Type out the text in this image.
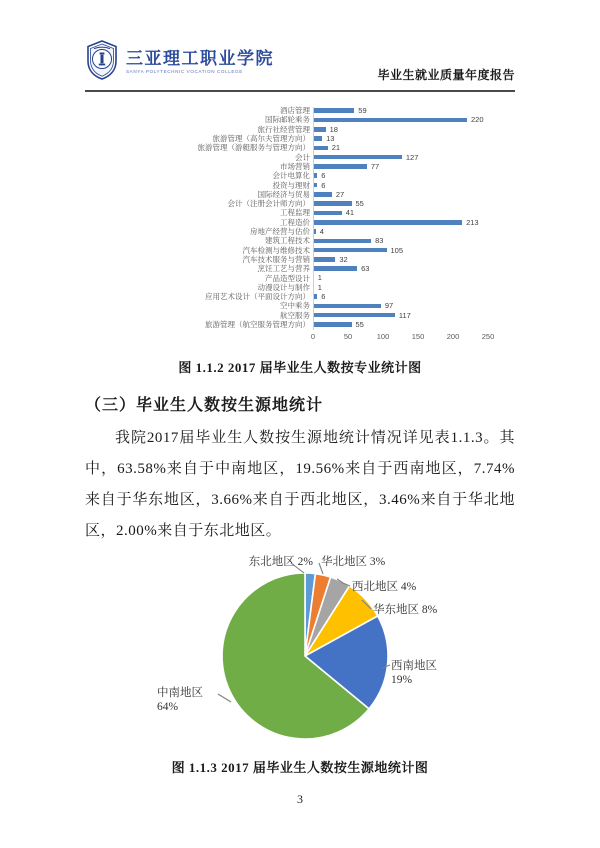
三亚理工职业学院
SANYA POLYTECHNIC VOCATION COLLEGE	毕业生就业质量年度报告
酒店管理	59
国际邮轮乘务	220
旅行社经营管理	18
旅游管理（高尔夫管理方向）	13
旅游管理（游艇服务与管理方向）	21
会计	127
市场营销	77
会计电算化	6
投资与理财	6
国际经济与贸易	27
会计（注册会计师方向）	55
工程监理	41
工程造价	213
房地产经营与估价	4
建筑工程技术	83
汽车检测与维修技术	105
汽车技术服务与营销	32
烹饪工艺与营养	63
产品造型设计	1
动漫设计与制作	1
应用艺术设计（平面设计方向）	6
空中乘务	97
航空服务	117
旅游管理（航空服务管理方向）	55
0	50	100	150	200	250
图 1.1.2 2017 届毕业生人数按专业统计图
（三）毕业生人数按生源地统计
我院2017届毕业生人数按生源地统计情况详见表1.1.3。其中，63.58%来自于中南地区，19.56%来自于西南地区，7.74%来自于华东地区，3.66%来自于西北地区，3.46%来自于华北地区，2.00%来自于东北地区。
东北地区 2% 华北地区 3%
西北地区 4%
华东地区 8%
西南地区
19%
中南地区
64%
图 1.1.3 2017 届毕业生人数按生源地统计图
3
